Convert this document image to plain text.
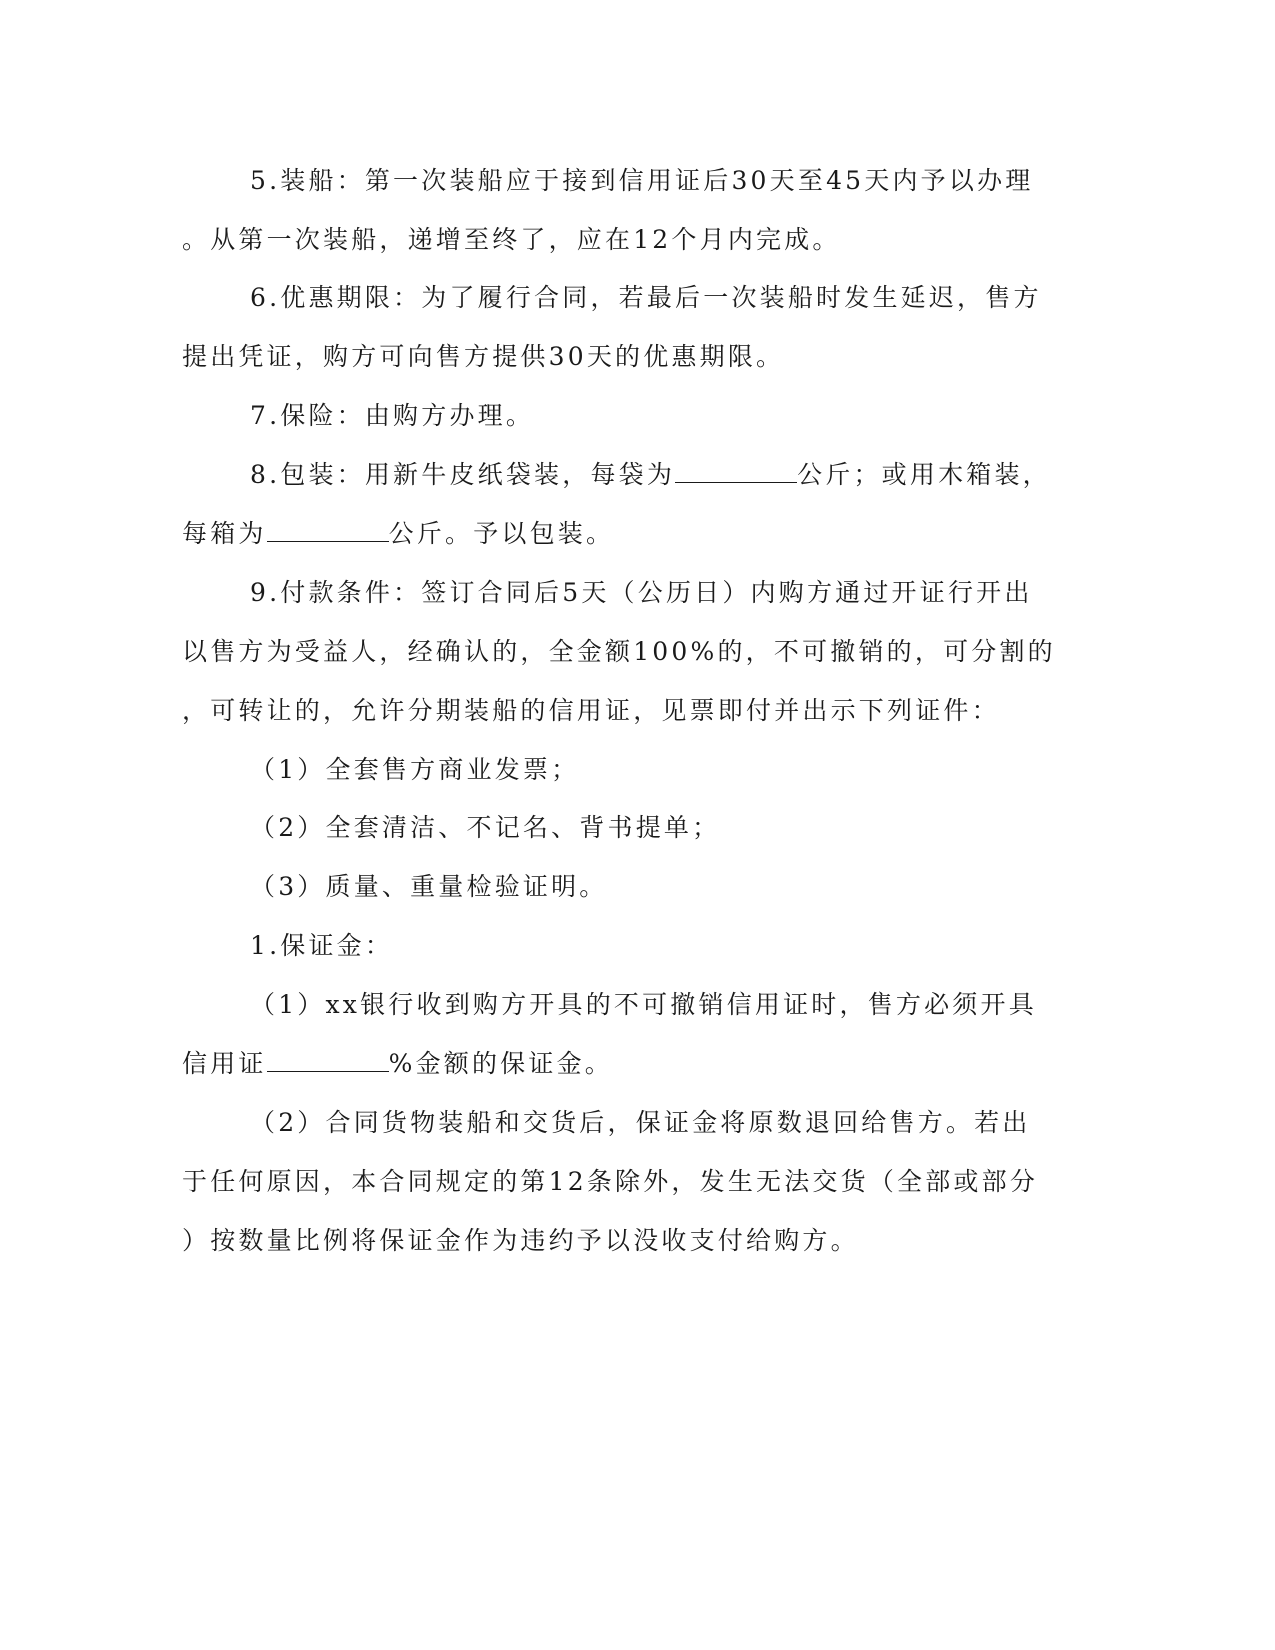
5.装船：第一次装船应于接到信用证后30天至45天内予以办理
。从第一次装船，递增至终了，应在12个月内完成。
6.优惠期限：为了履行合同，若最后一次装船时发生延迟，售方
提出凭证，购方可向售方提供30天的优惠期限。
7.保险：由购方办理。
8.包装：用新牛皮纸袋装，每袋为	公斤；或用木箱装，
每箱为	公斤。予以包装。
9.付款条件：签订合同后5天（公历日）内购方通过开证行开出
以售方为受益人，经确认的，全金额100%的，不可撤销的，可分割的
，可转让的，允许分期装船的信用证，见票即付并出示下列证件：
（1）全套售方商业发票；
（2）全套清洁、不记名、背书提单；
（3）质量、重量检验证明。
1.保证金：
（1）xx银行收到购方开具的不可撤销信用证时，售方必须开具
信用证	%金额的保证金。
（2）合同货物装船和交货后，保证金将原数退回给售方。若出
于任何原因，本合同规定的第12条除外，发生无法交货（全部或部分
）按数量比例将保证金作为违约予以没收支付给购方。
